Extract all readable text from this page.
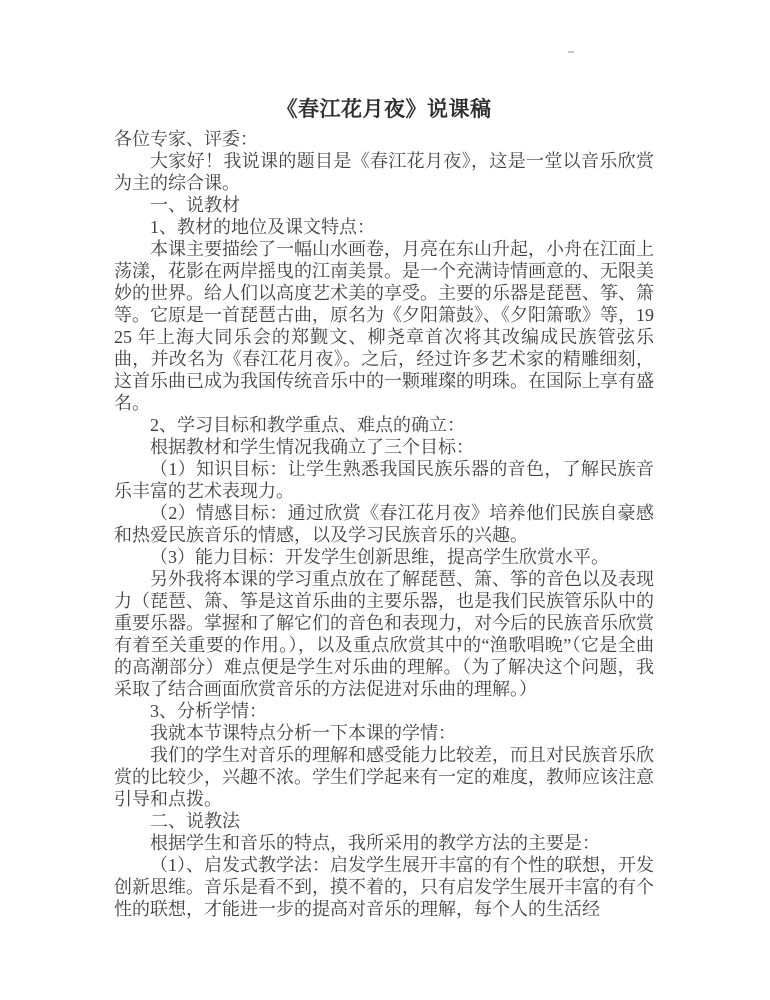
《春江花月夜》说课稿

各位专家、评委：

大家好！我说课的题目是《春江花月夜》，这是一堂以音乐欣赏为主的综合课。

一、说教材

1、教材的地位及课文特点：

本课主要描绘了一幅山水画卷，月亮在东山升起，小舟在江面上荡漾，花影在两岸摇曳的江南美景。是一个充满诗情画意的、无限美妙的世界。给人们以高度艺术美的享受。主要的乐器是琵琶、筝、箫等。它原是一首琵琶古曲，原名为《夕阳箫鼓》、《夕阳箫歌》等，1925 年上海大同乐会的郑觐文、柳尧章首次将其改编成民族管弦乐曲，并改名为《春江花月夜》。之后，经过许多艺术家的精雕细刻，这首乐曲已成为我国传统音乐中的一颗璀璨的明珠。在国际上享有盛名。

2、学习目标和教学重点、难点的确立：

根据教材和学生情况我确立了三个目标：

（1）知识目标：让学生熟悉我国民族乐器的音色，了解民族音乐丰富的艺术表现力。

（2）情感目标：通过欣赏《春江花月夜》培养他们民族自豪感和热爱民族音乐的情感，以及学习民族音乐的兴趣。

（3）能力目标：开发学生创新思维，提高学生欣赏水平。

另外我将本课的学习重点放在了解琵琶、箫、筝的音色以及表现力（琵琶、箫、筝是这首乐曲的主要乐器，也是我们民族管乐队中的重要乐器。掌握和了解它们的音色和表现力，对今后的民族音乐欣赏有着至关重要的作用。），以及重点欣赏其中的“渔歌唱晚”（它是全曲的高潮部分）难点便是学生对乐曲的理解。（为了解决这个问题，我采取了结合画面欣赏音乐的方法促进对乐曲的理解。）

3、分析学情：

我就本节课特点分析一下本课的学情：

我们的学生对音乐的理解和感受能力比较差，而且对民族音乐欣赏的比较少，兴趣不浓。学生们学起来有一定的难度，教师应该注意引导和点拨。

二、说教法

根据学生和音乐的特点，我所采用的教学方法的主要是：

（1）、启发式教学法：启发学生展开丰富的有个性的联想，开发创新思维。音乐是看不到，摸不着的，只有启发学生展开丰富的有个性的联想，才能进一步的提高对音乐的理解，每个人的生活经
